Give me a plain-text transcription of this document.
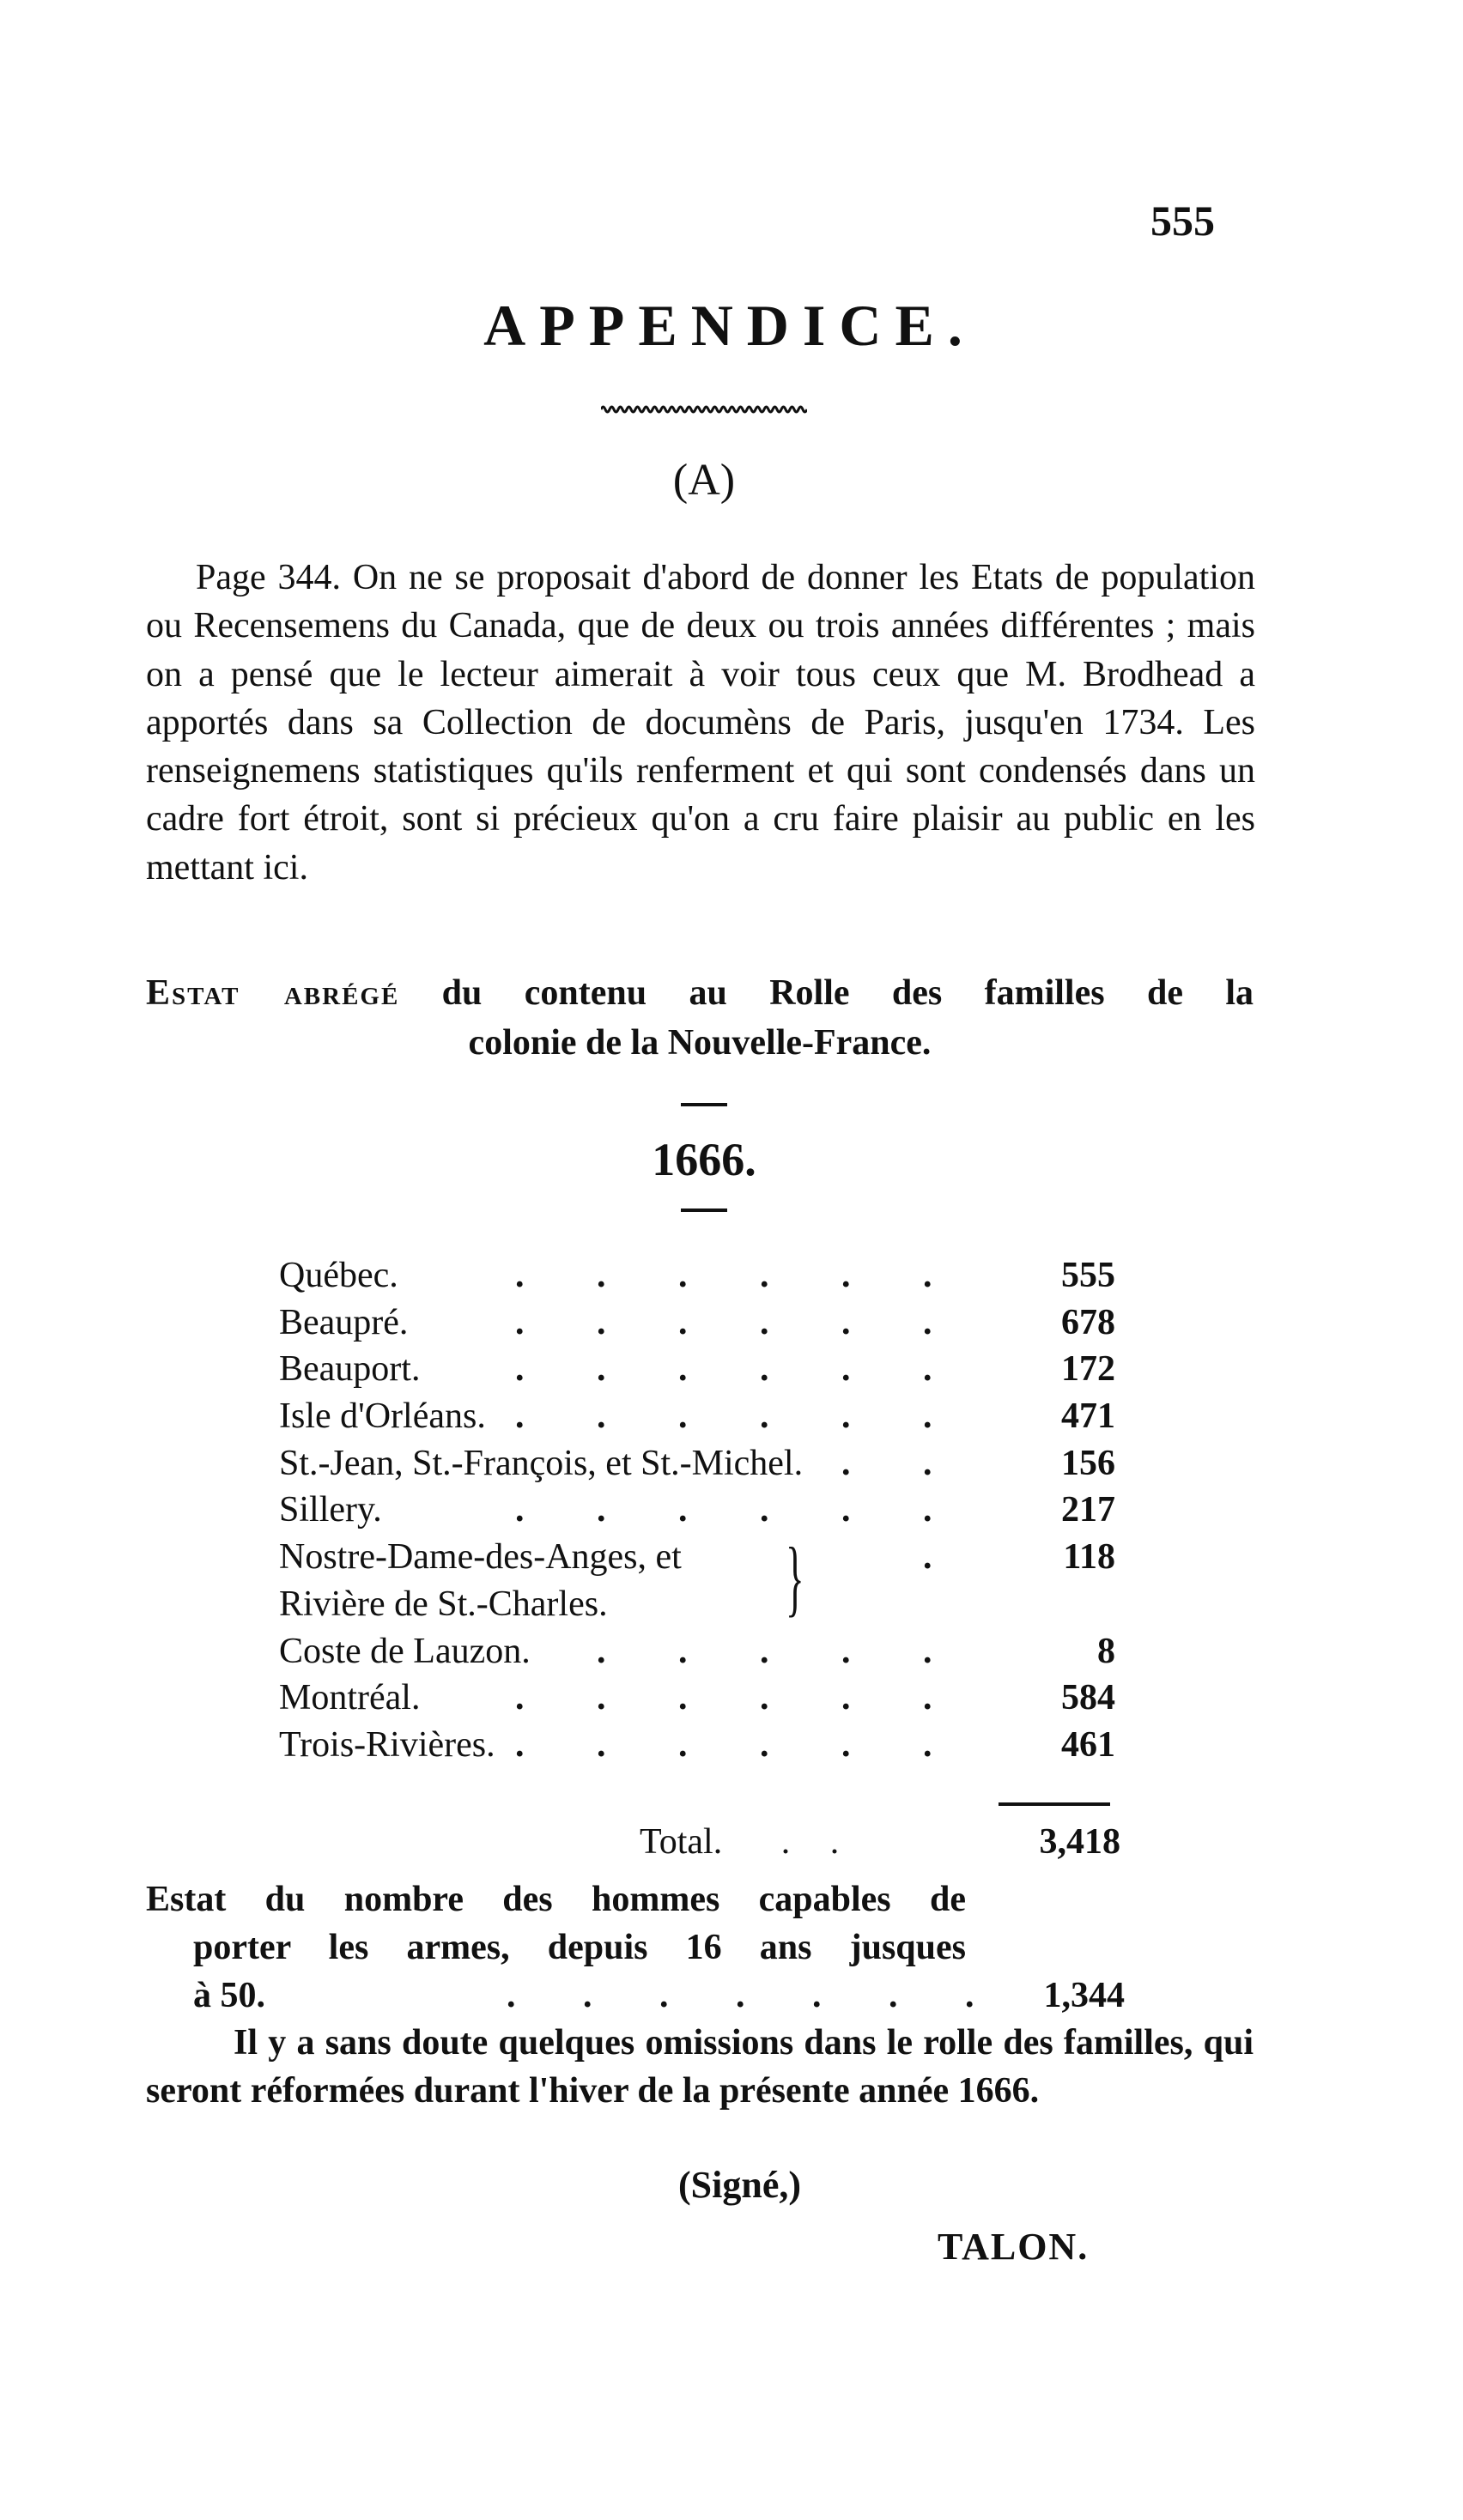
555
APPENDICE.
(A)

Page 344. On ne se proposait d'abord de donner les Etats de population ou Recensemens du Canada, que de deux ou trois années différentes ; mais on a pensé que le lecteur aimerait à voir tous ceux que M. Brodhead a apportés dans sa Collection de documèns de Paris, jusqu'en 1734. Les renseignemens statistiques qu'ils renferment et qui sont condensés dans un cadre fort étroit, sont si précieux qu'on a cru faire plaisir au public en les mettant ici.

Estat abrégé du contenu au Rolle des familles de la
colonie de la Nouvelle-France.
1666.
Québec.	555
. . . . . .
Beaupré.	678
. . . . . .
Beauport.	172
. . . . . .
Isle d'Orléans.	471
. . . . . .
St.-Jean, St.-François, et St.-Michel.	156
. .
Sillery.	217
. . . . . .
Nostre-Dame-des-Anges, et }	118
.
Rivière de St.-Charles.
Coste de Lauzon.	8
. . . . .
Montréal.	584
. . . . . .
Trois-Rivières.	461
. . . . . .
Total. . .	3,418
Estat du nombre des hommes capables de
porter les armes, depuis 16 ans jusques
à 50.	. . . . . . . 1,344

Il y a sans doute quelques omissions dans le rolle des familles, qui seront réformées durant l'hiver de la présente année 1666.

(Signé,)
TALON.
